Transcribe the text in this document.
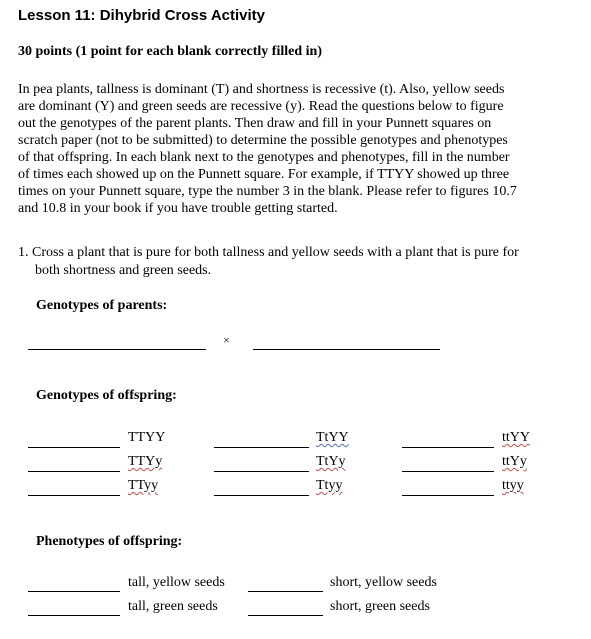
Lesson 11: Dihybrid Cross Activity
30 points (1 point for each blank correctly filled in)
In pea plants, tallness is dominant (T) and shortness is recessive (t). Also, yellow seeds
are dominant (Y) and green seeds are recessive (y). Read the questions below to figure
out the genotypes of the parent plants. Then draw and fill in your Punnett squares on
scratch paper (not to be submitted) to determine the possible genotypes and phenotypes
of that offspring. In each blank next to the genotypes and phenotypes, fill in the number
of times each showed up on the Punnett square. For example, if TTYY showed up three
times on your Punnett square, type the number 3 in the blank. Please refer to figures 10.7
and 10.8 in your book if you have trouble getting started.
1. Cross a plant that is pure for both tallness and yellow seeds with a plant that is pure for
both shortness and green seeds.
Genotypes of parents:
×
Genotypes of offspring:
TTYY	TtYY	ttYY
TTYy	TtYy	ttYy
TTyy	Ttyy	ttyy
Phenotypes of offspring:
tall, yellow seeds	short, yellow seeds
tall, green seeds	short, green seeds
